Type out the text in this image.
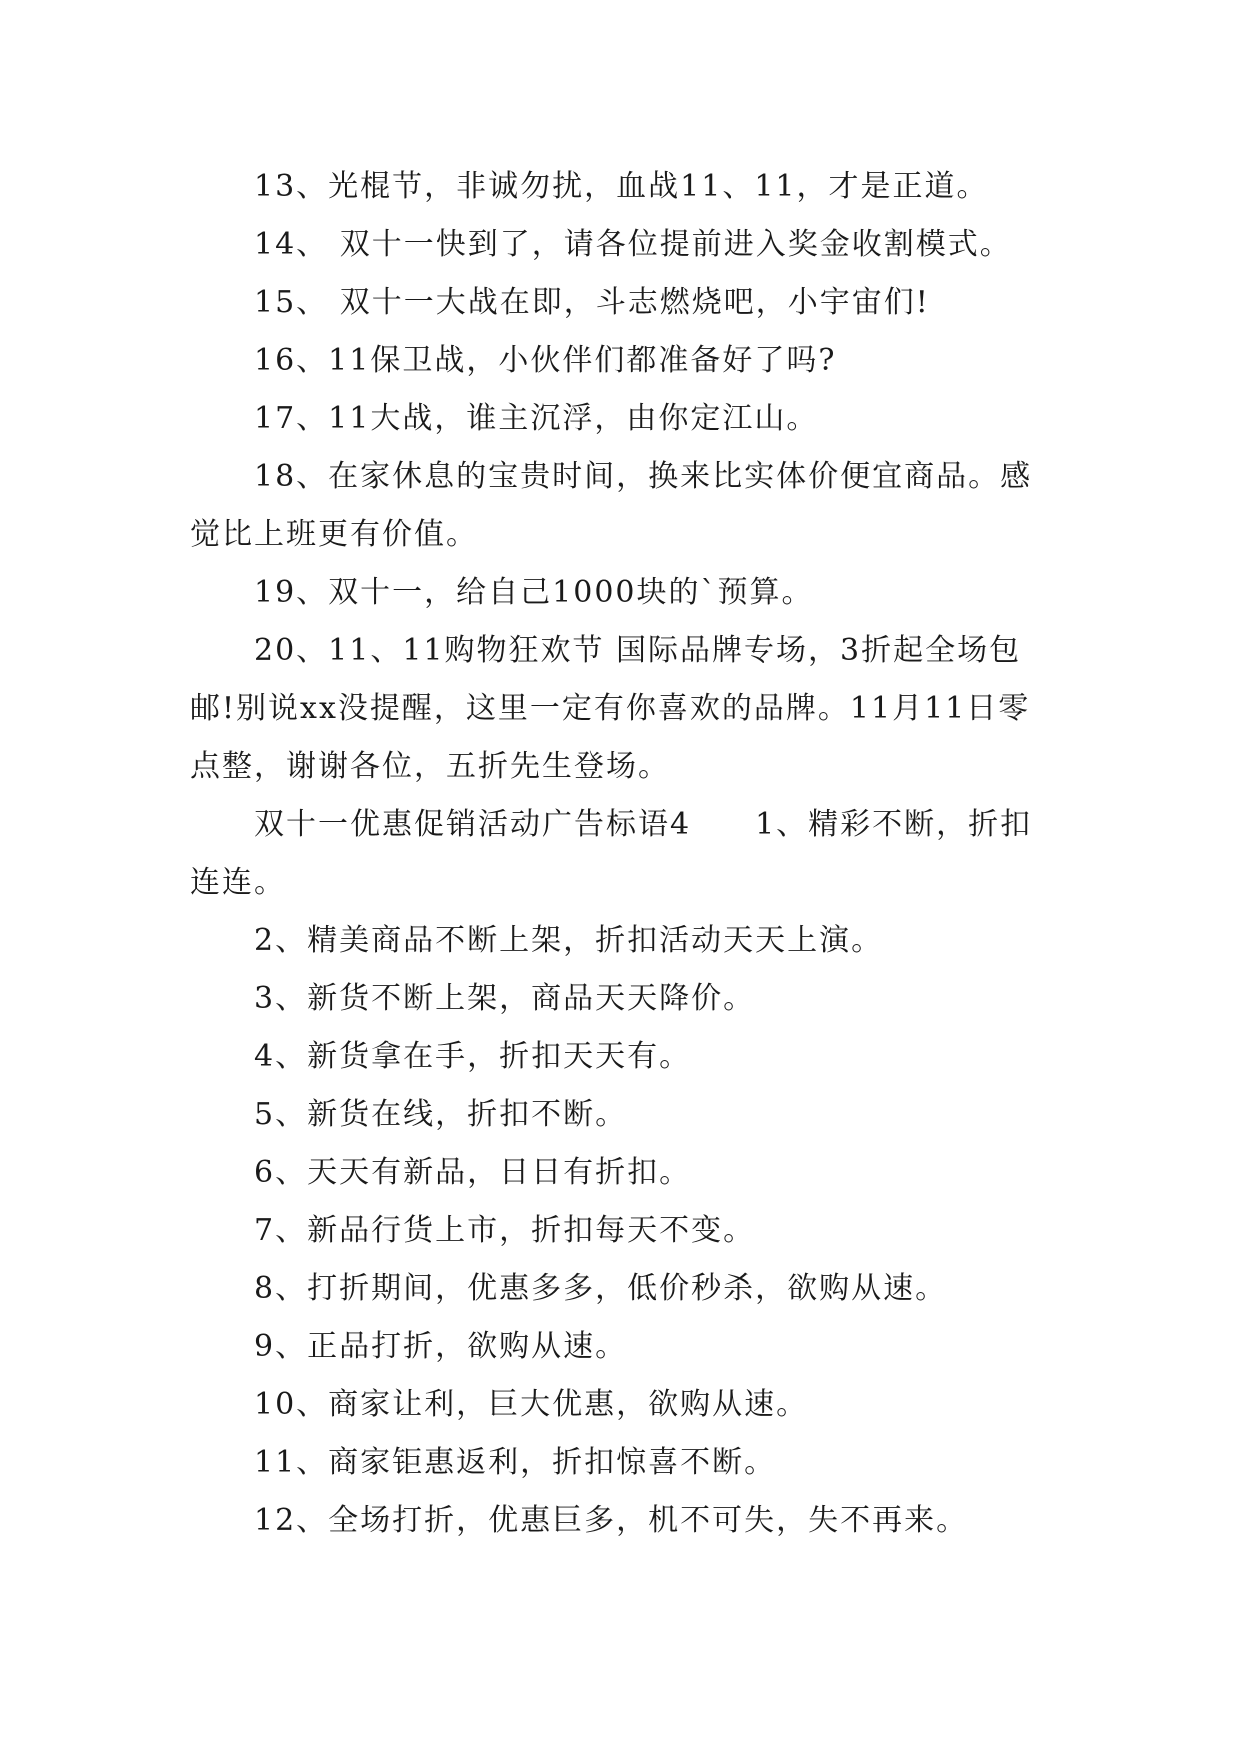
13、光棍节，非诚勿扰，血战11、11，才是正道。

14、 双十一快到了，请各位提前进入奖金收割模式。

15、 双十一大战在即，斗志燃烧吧，小宇宙们!

16、11保卫战，小伙伴们都准备好了吗?

17、11大战，谁主沉浮，由你定江山。

18、在家休息的宝贵时间，换来比实体价便宜商品。感觉比上班更有价值。

19、双十一，给自己1000块的`预算。

20、11、11购物狂欢节 国际品牌专场，3折起全场包邮!别说xx没提醒，这里一定有你喜欢的品牌。11月11日零点整，谢谢各位，五折先生登场。

双十一优惠促销活动广告标语4　　1、精彩不断，折扣连连。

2、精美商品不断上架，折扣活动天天上演。

3、新货不断上架，商品天天降价。

4、新货拿在手，折扣天天有。

5、新货在线，折扣不断。

6、天天有新品，日日有折扣。

7、新品行货上市，折扣每天不变。

8、打折期间，优惠多多，低价秒杀，欲购从速。

9、正品打折，欲购从速。

10、商家让利，巨大优惠，欲购从速。

11、商家钜惠返利，折扣惊喜不断。

12、全场打折，优惠巨多，机不可失，失不再来。
